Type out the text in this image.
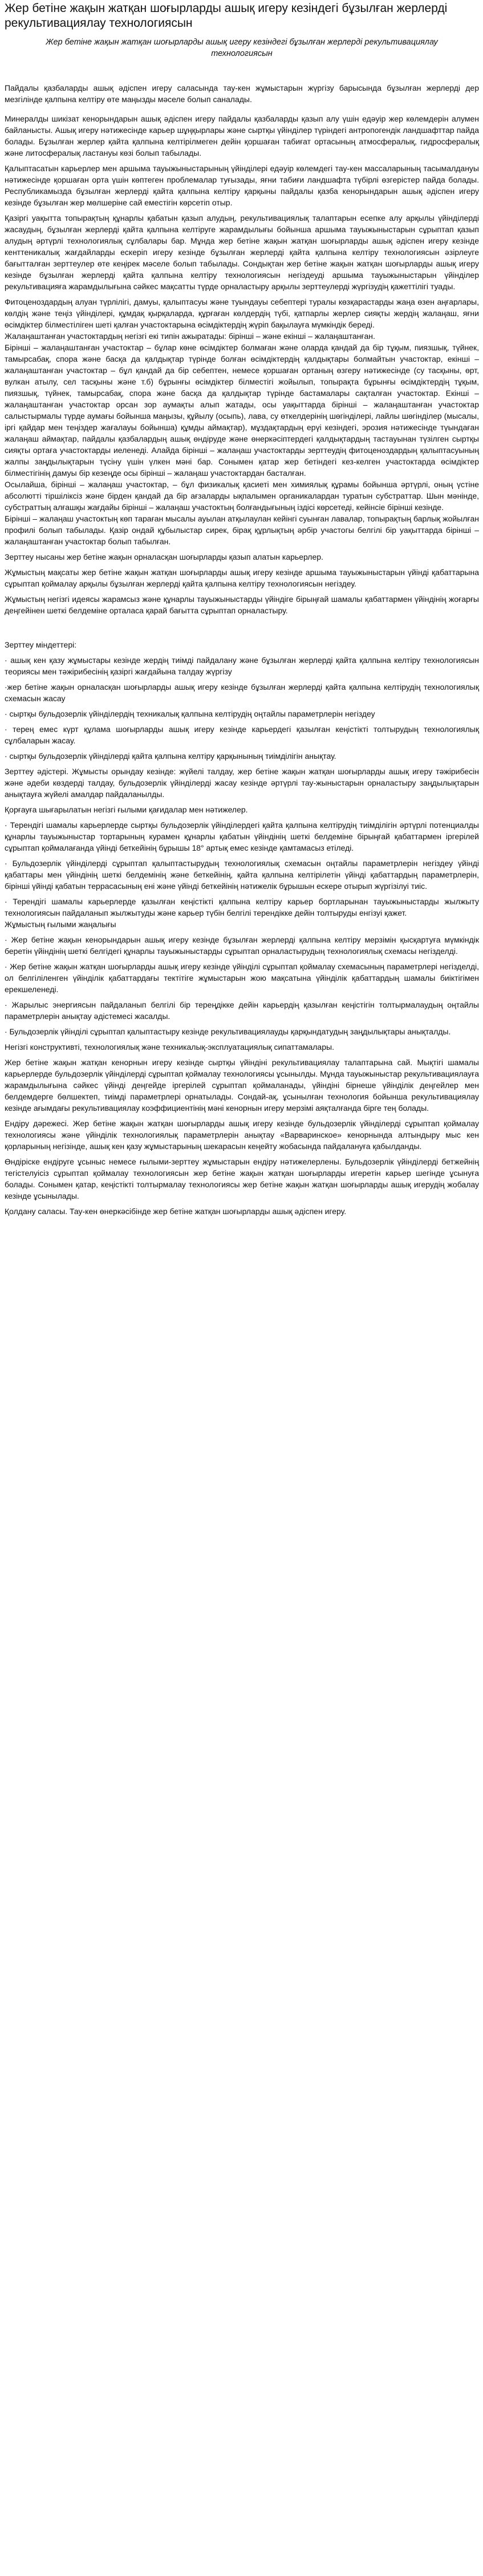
Жер бетіне жақын жатқан шоғырларды ашық игеру кезіндегі бұзылған жерлерді рекультивациялау технологиясын
Жер бетіне жақын жатқан шоғырларды ашық игеру кезіндегі бұзылған жерлерді рекультивациялау технологиясын

Пайдалы қазбаларды ашық әдіспен игеру саласында тау-кен жұмыстарын жүргізу барысында бұзылған жерлерді дер мезгілінде қалпына келтіру өте маңызды мәселе болып саналады.

Минералды шикізат кенорындарын ашық әдіспен игеру пайдалы қазбаларды қазып алу үшін едәуір жер көлемдерін алумен байланысты. Ашық игеру нәтижесінде карьер шұңқырлары және сыртқы үйінділер түріндегі антропогендік ландшафттар пайда болады. Бұзылған жерлер қайта қалпына келтірілмеген дейін қоршаған табиғат ортасының атмосфералық, гидросфералық және литосфералық ластануы көзі болып табылады.

Қалыптасатын карьерлер мен аршыма тауыжыныстарының үйінділері едәуір көлемдегі тау-кен массаларының тасымалдануы нәтижесінде қоршаған орта үшін көптеген проблемалар туғызады, яғни табиғи ландшафта түбірлі өзгерістер пайда болады. Республикамызда бұзылған жерлерді қайта қалпына келтіру қарқыны пайдалы қазба кенорындарын ашық әдіспен игеру кезінде бұзылған жер мөлшеріне сай еместігін көрсетіп отыр.

Қазіргі уақытта топырақтың құнарлы қабатын қазып алудың, рекультивациялық талаптарын есепке алу арқылы үйінділерді жасаудың, бұзылған жерлерді қайта қалпына келтіруге жарамдылығы бойынша аршыма тауыжыныстарын сұрыптап қазып алудың әртүрлі технологиялық сұлбалары бар. Мұнда жер бетіне жақын жатқан шоғырларды ашық әдіспен игеру кезінде кенттеникалық жағдайларды ескеріп игеру кезінде бұзылған жерлерді қайта қалпына келтіру технологиясын әзірлеуге бағытталған зерттеулер өте кеңірек мәселе болып табылады. Сондықтан жер бетіне жақын жатқан шоғырларды ашық игеру кезінде бұзылған жерлерді қайта қалпына келтіру технологиясын негіздеуді аршыма тауыжыныстарын үйінділер рекультивацияға жарамдылығына сәйкес мақсатты түрде орналастыру арқылы зерттеулерді жүргізудің қажеттілігі туады.

Фитоценоздардың алуан түрлілігі, дамуы, қалыптасуы және туындауы себептері туралы көзқарастарды жаңа өзен аңғарлары, көлдің және теңіз үйінділері, құмдақ қырқаларда, құрғаған көлдердің түбі, қатпарлы жерлер сияқты жердің жалаңаш, яғни өсімдіктер білместіліген шеті қалған участоктарына өсімдіктердің жүріп бақылауға мүмкіндік береді.

Жалаңаштанған участоктардың негізгі екі типін ажыратады: бірінші – және екінші – жалаңаштанған.

Бірінші – жалаңаштанған участоктар – бұлар көне өсімдіктер болмаған және оларда қандай да бір тұқым, пиязшық, түйнек, тамырсабақ, спора және басқа да қалдықтар түрінде болған өсімдіктердің қалдықтары болмайтын участоктар, екінші – жалаңаштанған участоктар – бұл қандай да бір себептен, немесе қоршаған ортаның өзгеру нәтижесінде (су тасқыны, өрт, вулкан атылу, сел тасқыны және т.б) бұрынғы өсімдіктер білместігі жойылып, топырақта бұрынғы өсімдіктердің тұқым, пиязшық, түйнек, тамырсабақ, спора және басқа да қалдықтар түрінде бастамалары сақталған участоктар. Екінші – жалаңаштанған участоктар орсан зор аумақты алып жатады, осы уақыттарда бірінші – жалаңаштанған участоктар салыстырмалы түрде аумағы бойынша маңызы, құйылу (осыпь), лава, су өткелдерінің шөгінділері, лайлы шөгінділер (мысалы, іргі қайдар мен теңіздер жағалауы бойынша) құмды аймақтар), мұздақтардың ерүі кезіндегі, эрозия нәтижесінде түындаған жалаңаш аймақтар, пайдалы қазбалардың ашық өндіруде және өнеркәсіптердегі қалдықтардың тастауынан түзілген сыртқы сияқты ортаға участоктарды иеленеді. Алайда бірінші – жалаңаш участоктарды зерттеудің фитоценоздардың қалыптасуының жалпы заңдылықтарын түсіну үшін үлкен мәні бар. Сонымен қатар жер бетіндегі кез-келген участоктарда өсімдіктер білместігінің дамуы бір кезеңде осы бірінші – жалаңаш участоктардан басталған.

Осылайша, бірінші – жалаңаш участоктар, – бұл физикалық қасиеті мен химиялық құрамы бойынша әртүрлі, оның үстіне абсолютті тіршіліксіз және бірден қандай да бір ағзаларды ықпалымен органикалардан туратын субстраттар. Шын мәнінде, субстраттың алғашқы жағдайы бірінші – жалаңаш участоктың болғандығының іздісі көрсетеді, кейінсіе бірінші кезінде.

Бірінші – жалаңаш участоктың көп тараған мысалы ауылан атқылаулан кейінгі суынған лавалар, топырақтың барлық жойылған профилі болып табылады. Қазір ондай құбылыстар сирек, бірақ құрлықтың әрбір участогы белгілі бір уақыттарда бірінші – жалаңаштанған участоктар болып табылған.

Зерттеу нысаны жер бетіне жақын орналасқан шоғырларды қазып алатын карьерлер.

Жұмыстың мақсаты жер бетіне жақын жатқан шоғырларды ашық игеру кезінде аршыма тауыжыныстарын үйінді қабаттарына сұрыптап қоймалау арқылы бұзылған жерлерді қайта қалпына келтіру технологиясын негіздеу.

Жұмыстың негізгі идеясы жарамсыз және құнарлы тауыжыныстарды үйіндіге бірыңғай шамалы қабаттармен үйіндінің жоғарғы деңгейінен шеткі белдеміне орталаса қарай бағытта сұрыптап орналастыру.

Зерттеу міндеттері:

· ашық кен қазу жұмыстары кезінде жердің тиімді пайдалану және бұзылған жерлерді қайта қалпына келтіру технологиясын теориясы мен тәжірибесінің қазіргі жағдайына талдау жүргізу

·жер бетіне жақын орналасқан шоғырларды ашық игеру кезінде бұзылған жерлерді қайта қалпына келтірудің технологиялық схемасын жасау

· сыртқы бульдозерлік үйінділердің техникалық қалпына келтірудің оңтайлы параметрлерін негіздеу

· терең емес күрт құлама шоғырларды ашық игеру кезінде карьердегі қазылған кеңістікті толтырудың технологиялық сұлбаларын жасау.

· сыртқы бульдозерлік үйінділерді қайта қалпына келтіру қарқынының тиімділігін анықтау.

Зерттеу әдістері. Жұмысты орындау кезінде: жүйелі талдау, жер бетіне жақын жатқан шоғырларды ашық игеру тәжірибесін және әдеби көздерді талдау, бульдозерлік үйінділерді жасау кезінде әртүрлі тау-жыныстарын орналастыру заңдылықтарын анықтауға жүйелі амалдар пайдаланылды.

Қорғауға шығарылатын негізгі ғылыми қағидалар мен нәтижелер.

· Терендігі шамалы карьерлерде сыртқы бульдозерлік үйінділердегі қайта қалпына келтірудің тиімділігін әртүрлі потенциалды құнарлы тауыжыныстар тортарының курамен құнарлы қабатын үйіндінің шеткі белдеміне бірыңғай қабаттармен іргерілей сұрыптап қоймалағанда үйінді беткейінің бұрышы 18° артық емес кезінде қамтамасыз етіледі.

· Бульдозерлік үйінділерді сұрыптап қалыптастырудың технологиялық схемасын оңтайлы параметрлерін негіздеу үйінді қабаттары мен үйіндінің шеткі белдемінің және беткейінің, қайта қалпына келтірілетін үйінді қабаттардың параметрлерін, бірінші үйінді қабатын террасасының ені және үйінді беткейінің нәтижелік бұрышын ескере отырып жүргізілуі тиіс.

· Терендігі шамалы карьерлерде қазылған кеңістікті қалпына келтіру карьер бортларынан тауыжыныстарды жылжыту технологиясын пайдаланып жылжытуды және карьер түбін белгілі терендікке дейін толтыруды енгізуі қажет.

Жұмыстың ғылыми жаңалығы

· Жер бетіне жақын кенорындарын ашық игеру кезінде бұзылған жерлерді қалпына келтіру мерзімін қысқартуға мүмкіндік беретін үйіндінің шеткі белгідегі құнарлы тауыжыныстарды сұрыптап орналастырудың технологиялық схемасы негізделді.

· Жер бетіне жақын жатқан шоғырларды ашық игеру кезінде үйінділі сұрыптап қоймалау схемасының параметрлері негізделді, ол белгіліленген үйінділік қабаттардағы тектітіге жұмыстарын жою мақсатына үйінділік қабаттардың шамалы биіктігімен ерекшеленеді.

· Жарылыс энергиясын пайдаланып белгілі бір тереңдікке дейін карьердің қазылған кеңістігін толтырмалаудың оңтайлы параметрлерін анықтау әдістемесі жасалды.

· Бульдозерлік үйінділі сұрыптап қалыптастыру кезінде рекультивациялауды қарқындатудың заңдылықтары анықталды.

Негізгі конструктивті, технологиялық және техникалық-эксплуатациялық сипаттамалары.

Жер бетіне жақын жатқан кенорнын игеру кезінде сыртқы үйіндіні рекультивациялау талаптарына сай. Мықтігі шамалы карьерлерде бульдозерлік үйінділерді сұрыптап қоймалау технологиясы ұсынылды. Мұнда тауыжыныстар рекультивациялауға жарамдылығына сәйкес үйінді деңгейде іргерілей сұрыптап қоймаланады, үйіндіні бірнеше үйінділік деңгейлер мен белдемдерге бөлшектеп, тиімді параметрлері орнатылады. Сондай-ақ, ұсынылған технология бойынша рекультивациялау кезінде ағымдағы рекультивациялау коэффициентінің мәні кенорнын игеру мерзімі аяқталғанда бірге тең болады.

Ендіру дәрежесі. Жер бетіне жақын жатқан шоғырларды ашық игеру кезінде бульдозерлік үйінділерді сұрыптап қоймалау технологиясы және үйінділік технологиялық параметрлерін анықтау «Варваринское» кенорнында алтындыру мыс кен қорларының негізінде, ашық кен қазу жұмыстарының шекарасын кеңейту жобасында пайдалануға қабылданды.

Өндіріске ендіруге ұсыныс немесе ғылыми-зерттеу жұмыстарын ендіру нәтижелерлены. Бульдозерлік үйінділерді бетжейнің тегістелуісіз сұрыптап қоймалау технологиясын жер бетіне жақын жатқан шоғырларды игеретін карьер шегінде ұсынуға болады. Сонымен қатар, кеңістікті толтырмалау технологиясы жер бетіне жақын жатқан шоғырларды ашық игерудің жобалау кезінде ұсынылады.

Қолдану саласы. Тау-кен өнеркәсібінде жер бетіне жатқан шоғырларды ашық әдіспен игеру.
